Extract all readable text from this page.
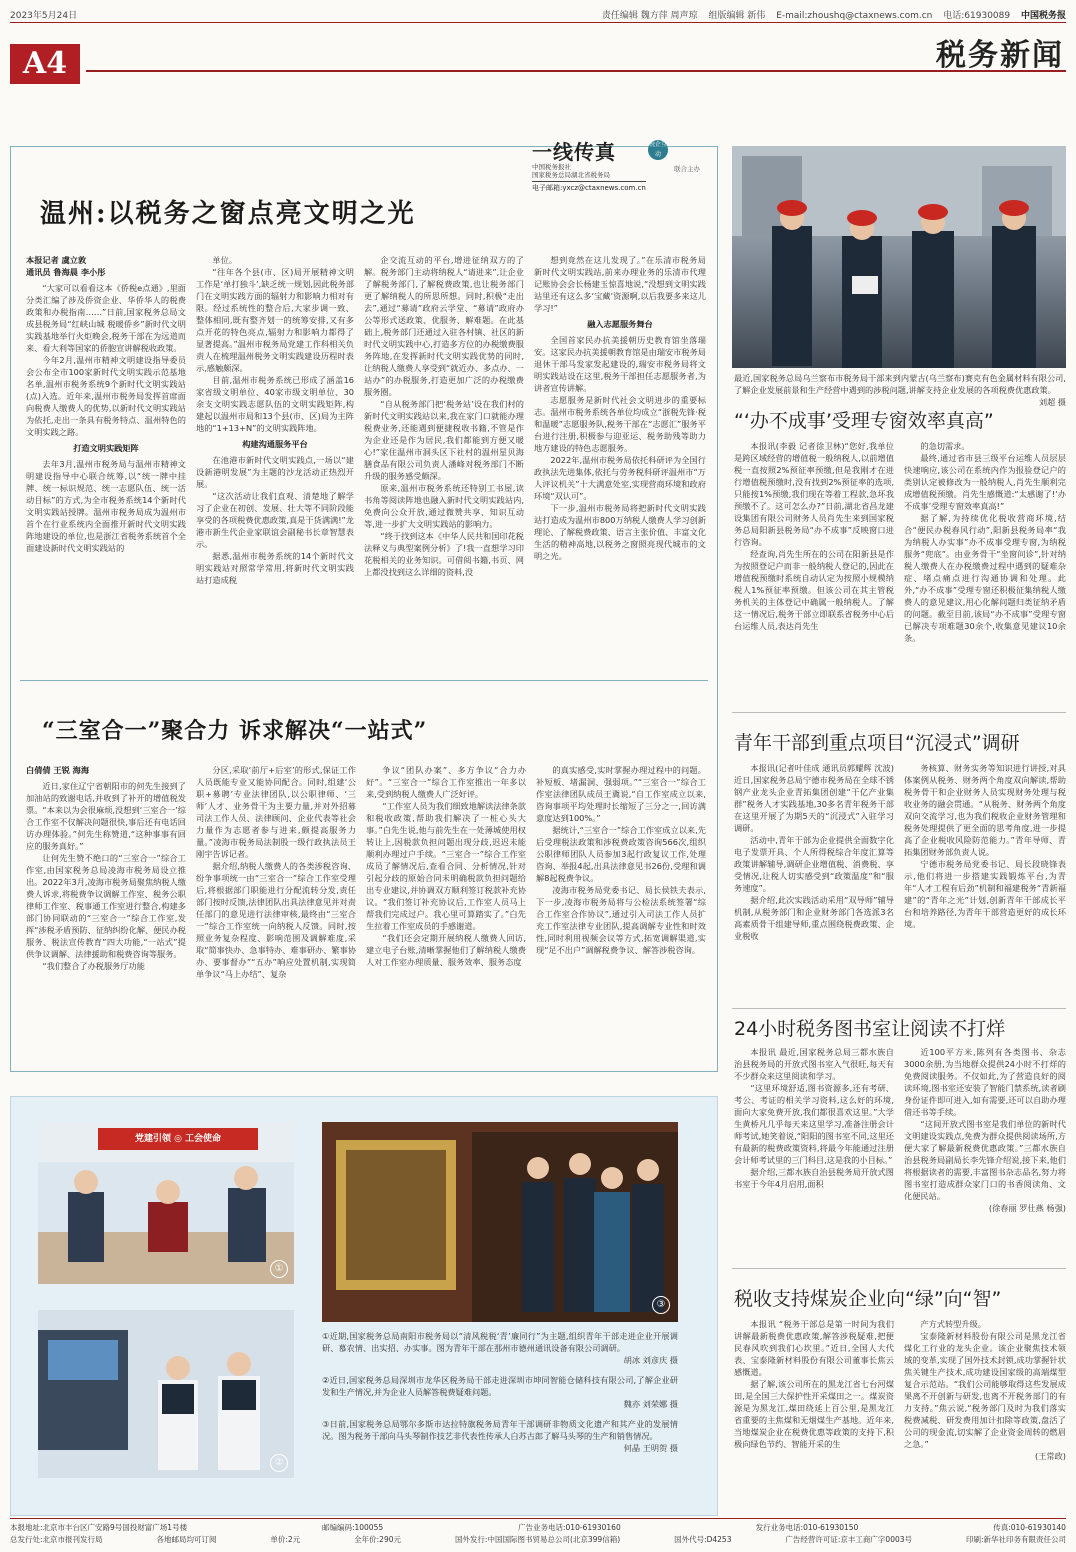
2023年5月24日	责任编辑 魏方萍 周声琼 组版编辑 新伟 E-mail:zhoushq@ctaxnews.com.cn 电话:61930089 中国税务报
A4	税务新闻
一线传真	税企互动
中国税务报社
国家税务总局湖北省税务局
联合主办
电子邮箱:yxcz@ctaxnews.com.cn
温州:以税务之窗点亮文明之光
本报记者 虞立敦
通讯员 鲁海晨 李小彤

“大家可以看看这本《侨税e点通》,里面分类汇编了涉及侨资企业、华侨华人的税费政策和办税指南……”日前,国家税务总局文成县税务局“红峡山城 税暖侨乡”新时代文明实践基地举行火炬晚会,税务干部在为远道而来、看大利等国家的侨胞宣讲解税收政策。

今年2月,温州市精神文明建设指导委员会公布全市100家新时代文明实践示范基地名单,温州市税务系统9个新时代文明实践站(点)入选。近年来,温州市税务局发挥首席面向税费人缴费人的优势,以新时代文明实践站为依托,走出一条具有税务特点、温州特色的文明实践之路。

打造文明实践矩阵

去年3月,温州市税务局与温州市精神文明建设指导中心联合统筹,以“统一牌中挂牌、统一标识规范、统一志愿队伍、统一活动目标”的方式,为全市税务系统14个新时代文明实践站授牌。温州市税务局成为温州市首个在行业系统内全面推开新时代文明实践阵地建设的单位,也是浙江省税务系统首个全面建设新时代文明实践站的

单位。

“往年各个县(市、区)局开展精神文明工作是‘单打独斗’,缺乏统一规划,因此税务部门在文明实践方面的辐射力和影响力相对有限。经过系统性的整合后,大家步调一致、整体相同,既有整齐划一的统筹安排,又有多点开花的特色亮点,辐射力和影响力都得了显著提高。”温州市税务局党建工作科相关负责人在梳理温州税务文明实践建设历程时表示,感触颇深。

目前,温州市税务系统已形成了涵盖16家省级文明单位、40家市级文明单位、30余支文明实践志愿队伍的文明实践矩阵,构建起以温州市局和13个县(市、区)局为主阵地的“1+13+N”的文明实践阵地。

构建沟通服务平台

在池港市新时代文明实践点,一场以“建设新港明发展”为主题的沙龙活动正热烈开展。

“这次活动让我们直观、清楚地了解学习了企业在初创、发展、壮大等不同阶段能享受的各项税费优惠政策,真是干货满满!”龙港市新生代企业家联谊会副秘书长章智慧表示。

据悉,温州市税务系统的14个新时代文明实践站对照常学常用,将新时代文明实践站打造成税

企交流互动的平台,增进征纳双方的了解。税务部门主动将纳税人“请进来”,让企业了解税务部门,了解税费政策,也让税务部门更了解纳税人的所思所想。同时,积极“走出去”,通过“募请”政府云学堂、“募请”政府办公等形式送政策、优服务、解难题。在此基础上,税务部门还通过入驻各村镇、社区的新时代文明实践中心,打造多方位的办税缴费服务阵地,在发挥新时代文明实践优势的同时,让纳税人缴费人享受到“就近办、多点办、一站办”的办税服务,打造更加广泛的办税缴费服务圈。

“自从税务部门把‘税务站’设在我们村的新时代文明实践站以来,我在家门口就能办理税费业务,还能遇到便捷税收书籍,不管是作为企业还是作为居民,我们都能到方便又暖心!”家住温州市洞头区下社村的温州星贝海膳食品有限公司负责人潘峰对税务部门不断升级的服务感受颇深。

原来,温州市税务系统还特别工书屋,读书角等阅读阵地也融入新时代文明实践站内,免费向公众开放,通过微赞共享、知识互动等,进一步扩大文明实践站的影响力。

“终于找到这本《中华人民共和国印花税法释义与典型案例分析》了!我一直想学习印花税相关的业务知识。可借阅书籍,书页、网上都没找到这么详细的资料,没

想到竟然在这儿发现了。”在乐清市税务局新时代文明实践站,前来办理业务的乐清市代理记账协会会长杨建玉惊喜地说,“没想到文明实践站里还有这么多‘宝藏’资源啊,以后我要多来这儿学习!”

融入志愿服务舞台

全国首家民办抗美援朝历史教育馆坐落瑞安。这家民办抗美援朝教育馆是由瑞安市税务局退休干部马发家发起建设的,瑞安市税务局将文明实践站设在这里,税务干部担任志愿服务者,为讲者宣传讲解。

志愿服务是新时代社会文明进步的重要标志。温州市税务系统各单位均成立“浙税先锋·税和温暖”志愿服务队,税务干部在“志愿汇”服务平台进行注册,积极参与迎亚运、税务助残等助力地方建设的特色志愿服务。

2022年,温州市税务局依托科研评为全国行政执法先进集体,依托与劳务税科研评温州市“万人评议机关”十大满意处室,实现营商环境和政府环境“双认可”。

下一步,温州市税务局将把新时代文明实践站打造成为温州市800万纳税人缴费人学习创新理论、了解税费政策、语言主张价值、丰富文化生活的精神高地,以税务之窗照亮现代城市的文明之光。

“三室合一”聚合力 诉求解决“一站式”
白倩倩 王锐 海海

近日,家住辽宁省朝阳市的何先生接到了加油站的致谢电话,并收到了补开的增值税发票。“本来以为会很麻烦,没想到‘三室合一’综合工作室不仅解决问题很快,事后还有电话回访办理体验。”何先生称赞道,“这种事事有回应的服务真好。”

让何先生赞不绝口的“三室合一”综合工作室,由国家税务总局凌海市税务局设立推出。2022年3月,凌海市税务局聚焦纳税人缴费人诉求,将税费争议调解工作室、税务公职律师工作室、税事通工作室进行整合,构建多部门协同联动的“三室合一”综合工作室,发挥“涉税矛盾预防、征纳纠纷化解、便民办税服务、税法宣传教育”四大功能,“一站式”提供争议调解、法律援助和税费咨询等服务。

“我们整合了办税服务厅功能

分区,采取‘前厅+后室’的形式,保证工作人员既能专业又能协同配合。同时,组建‘公职+募聘’专业法律团队,以公职律师、‘三师’人才、业务骨干为主要力量,并对外招募司法工作人员、法律顾问、企业代表等社会力量作为志愿者参与进来,颇提高服务力量。”凌海市税务局法制股一级行政执法员王刚宇告诉记者。

据介绍,纳税人缴费人的各类涉税咨询、纷争事项统一由“三室合一”综合工作室受理后,将根据部门职能进行分配流转分发,责任部门按时反馈,法律团队出具法律意见并对责任部门的意见进行法律审核,最终由“三室合一”综合工作室统一向纳税人反馈。同时,按照业务复杂程度、影响范围及调解难度,采取“简事快办、急事特办、难事研办、繁事协办、要事督办”“五办”响应处置机制,实现简单争议“马上办结”、复杂

争议“团队办案”、多方争议“合力办好”。“三室合一”综合工作室推出一年多以来,受到纳税人缴费人广泛好评。

“工作室人员为我们细致地解读法律条款和税收政策,帮助我们解决了一桩心头大事。”白先生说,他与前先生在一处薄城使用权转让上,因税款负担问题出现分歧,迟迟未能顺利办理过户手续。“三室合一”综合工作室成员了解情况后,查看合同、分析情况,针对引起分歧的原始合同未明确税款负担问题给出专业建议,并协调双方顺利签订税款补充协议。“我们签订补充协议后,工作室人员马上帮我们完成过户。我心里可算踏实了。”白先生拉着工作室成员的手感谢道。

“我们还会定期开展纳税人缴费人回访,建立电子台账,清晰掌握他们了解纳税人缴费人对工作室办理质量、服务效率、服务态度

的真实感受,实时掌握办理过程中的问题。补短板、堵漏洞、强弱项。”“三室合一”综合工作室法律团队成员王冀说,“自工作室成立以来,咨询事项平均处理时长缩短了三分之一,回访满意度达到100%。”

据统计,“三室合一”综合工作室成立以来,先后受理税法政策和涉税费政策咨询566次,组织公职律师团队人员参加3起行政复议工作,处理咨询、举报4起,出具法律意见书26份,受理和调解8起税费争议。

凌海市税务局党委书记、局长侯铁夫表示,下一步,凌海市税务局将与公检法系统签署“综合工作室合作协议”,通过引入司法工作人员扩充工作室法律专业团队,提高调解专业性和时效性,同时利用视频会议等方式,拓宽调解渠道,实现“足不出户”调解税费争议、解答涉税咨询。

最近,国家税务总局乌兰察布市税务局干部来到内蒙古(乌兰察布)赛克有色金属材料有限公司,了解企业发展前景和生产经营中遇到的涉税问题,讲解支持企业发展的各项税费优惠政策。
刘超 摄
“‘办不成事’受理专窗效率真高”

本报讯(李毅 记者徐卫林)“您好,我单位是跨区域经营的增值税一般纳税人,以前增值税一直按照2%预征率预缴,但是我刚才在进行增值税预缴时,没有找到2%预征率的选项,只能按1%预缴,我们现在等着工程款,急坏我预缴不了。这可怎么办?”日前,湖北省昌龙建设集团有限公司财务人员肖先生来到国家税务总局阳新县税务局“办不成事”反映窗口进行咨询。

经查询,肖先生所在的公司在阳新县是作为按照登记户而非一般纳税人登记的,因此在增值税预缴时系统自动认定为按照小规模纳税人1%预征率预缴。但该公司在其主管税务机关的主体登记中确属一般纳税人。了解这一情况后,税务干部立即联系省税务中心后台运维人员,表达肖先生

的急切需求。

最终,通过省市县三级平台运维人员层层快速响应,该公司在系统内作为报验登记户的类别认定被修改为一般纳税人,肖先生顺利完成增值税预缴。肖先生感慨道:“太感谢了!‘办不成事’受理专窗效率真高!”

据了解,为持续优化税收营商环境,结合“便民办税春风行动”,阳新县税务局率“我为纳税人办实事”办不成事受理专窗,为纳税服务“兜底”。由业务骨干“坐窗问诊”,针对纳税人缴费人在办税缴费过程中遇到的疑难杂症、堵点痛点进行沟通协调和处理。此外,“办不成事”受理专窗还积极征集纳税人缴费人的意见建议,用心化解问题归类征纳矛盾的问题。截至目前,该局“办不成事”受理专窗已解决专项难题30余个,收集意见建议10余条。

青年干部到重点项目“沉浸式”调研

本报讯(记者叶佳成 通讯员郭耀辉 沈波)近日,国家税务总局宁德市税务局在全球不锈钢产业龙头企业青拓集团创建“干亿产业集群”税务人才实践基地,30多名青年税务干部在这里开展了为期5天的“沉浸式”入驻学习调研。

活动中,青年干部为企业提供全面数字化电子发票开具、个人所得税综合年度汇算等政策讲解辅导,调研企业增值税、消费税、享受情况,让税人切实感受到“政策温度”和“服务速度”。

据介绍,此次实践活动采用“双导师”辅导机制,从税务部门和企业财务部门各选派3名高素质骨干组建导师,重点围绕税费政策、企业税收

务核算、财务实务等知识进行讲授,对具体案例从税务、财务两个角度双向解读,帮助税务骨干和企业财务人员实现财务处理与税收业务的融会贯通。“从税务、财务两个角度双向交流学习,也为我们税收企业财务管理和税务处理提供了更全面的思考角度,进一步提高了企业税收风险防范能力。”青年导师、青拓集团财务部负责人说。

宁德市税务局党委书记、局长段晓锋表示,他们将进一步搭建实践锻炼平台,为青年“人才工程有后劲”机制和福建税务“青新福建”的“青年之光”计划,创新青年干部成长平台和培养路径,为青年干部营造更好的成长环境。

24小时税务图书室让阅读不打烊

本报讯 最近,国家税务总局三都水族自治县税务局的开放式图书室入气很旺,每天有不少群众来这里阅读和学习。

“这里环境舒适,图书资源多,还有考研、考公、考证的相关学习资料,这么好的环境,面向大家免费开放,我们都很喜欢这里。”大学生黄桥凡几乎每天来这里学习,准备注册会计师考试,她笑着说,“阳阳的图书室不同,这里还有最新的税费政策资料,将最今年能通过注册会计师考试里的三门科目,这是我的小目标。”

据介绍,三都水族自治县税务局开放式图书室于今年4月启用,面积

近100平方米,陈列有各类图书、杂志3000余册,为当地群众提供24小时不打烊的免费阅读服务。不仅如此,为了营造良好的阅读环境,图书室还安装了智能门禁系统,读者刷身份证件即可进入,如有需要,还可以自助办理借还书等手续。

“这间开放式图书室是我们单位的新时代文明建设实践点,免费为群众提供阅读场所,方便大家了解最新税费优惠政策。”三都水族自治县税务局副局长李先锋介绍说,接下来,他们将根据读者的需要,丰富图书杂志品名,努力将图书室打造成群众家门口的书香阅读角、文化便民站。

(徐春丽 罗仕燕 杨强)
税收支持煤炭企业向“绿”向“智”

本报讯 “税务干部总是第一时间为我们讲解最新税费优惠政策,解答涉税疑难,把便民春风吹到我们心坎里。”近日,全国人大代表、宝泰隆新材料股份有限公司董事长焦云感慨道。

据了解,该公司所在的黑龙江省七台河煤田,是全国三大保护性开采煤田之一。煤炭资源是为黑龙江,煤田绕延上百公里,是黑龙江省重要的主焦煤和无烟煤生产基地。近年来,当地煤炭企业在税费优惠等政策的支持下,积极向绿色节约、智能开采的生

产方式转型升级。

宝泰隆新材料股份有限公司是黑龙江省煤化工行业的龙头企业。该企业聚焦技术领域的变革,实现了国外技术封锁,成功掌握针状焦关键生产技术,成功建设国家级的高端煤型复合示范站。“我们公司能够取得这些发展成果离不开创新与研发,也离不开税务部门的有力支持。”焦云说,“税务部门及时为我们落实税费减税、研发费用加计扣除等政策,盘活了公司的现金流,切实解了企业资金周转的燃眉之急。”

(王常政)
党建引领 ◎ 工会使命
①
②
③
①近期,国家税务总局南阳市税务局以“清风税税‘青’廉同行”为主题,组织青年干部走进企业开展调研、慕农情、出实招、办实事。图为青年干部在那州市德州通讯设备有限公司调研。
胡冰 刘彦庆 摄
②近日,国家税务总局深圳市龙华区税务局干部走进深圳市坤同智能仓储科技有限公司,了解企业研发和生产情况,并为企业人员解答税费疑难问题。
魏亦 刘荣娜 摄
③日前,国家税务总局鄂尔多斯市达拉特旗税务局青年干部调研非物质文化遗产和其产业的发展情况。图为税务干部向马头琴制作技艺非代表性传承人白苏古郎了解马头琴的生产和销售情况。
何晶 王明贺 摄
本报地址:北京市丰台区广安路9号国投财富广场1号楼	邮编编码:100055	广告业务电话:010-61930160	发行业务电话:010-61930150	传真:010-61930140
总发行处:北京市报刊发行局	各地邮局均可订阅	单价:2元	全年价:290元	国外发行:中国国际图书贸易总公司(北京399信箱)	国外代号:D4253	广告经营许可证:京丰工商广字0003号	印刷:新华社印务有限责任公司
